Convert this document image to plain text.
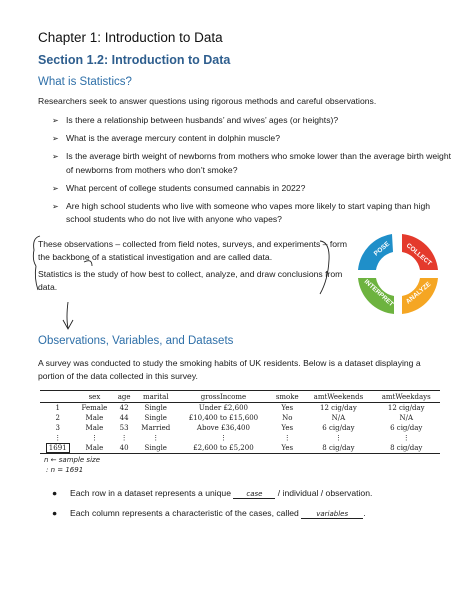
Chapter 1: Introduction to Data
Section 1.2: Introduction to Data
What is Statistics?
Researchers seek to answer questions using rigorous methods and careful observations.
➢ Is there a relationship between husbands’ and wives’ ages (or heights)?
➢ What is the average mercury content in dolphin muscle?
➢ Is the average birth weight of newborns from mothers who smoke lower than the average birth weight of newborns from mothers who don’t smoke?
➢ What percent of college students consumed cannabis in 2022?
➢ Are high school students who live with someone who vapes more likely to start vaping than high school students who do not live with anyone who vapes?
These observations – collected from field notes, surveys, and experiments – form the backbone of a statistical investigation and are called data.
Statistics is the study of how best to collect, analyze, and draw conclusions from data.
POSE COLLECT
ANALYZE
INTERPRET
Observations, Variables, and Datasets
A survey was conducted to study the smoking habits of UK residents. Below is a dataset displaying a portion of the data collected in this survey.
	sex	age	marital	grossIncome	smoke	amtWeekends	amtWeekdays
1	Female	42	Single	Under £2,600	Yes	12 cig/day	12 cig/day
2	Male	44	Single	£10,400 to £15,600	No	N/A	N/A
3	Male	53	Married	Above £36,400	Yes	6 cig/day	6 cig/day
⋮	⋮	⋮	⋮	⋮	⋮	⋮	⋮
1691	Male	40	Single	£2,600 to £5,200	Yes	8 cig/day	8 cig/day
n ← sample size
: n = 1691
● Each row in a dataset represents a unique case / individual / observation.
● Each column represents a characteristic of the cases, called variables .
